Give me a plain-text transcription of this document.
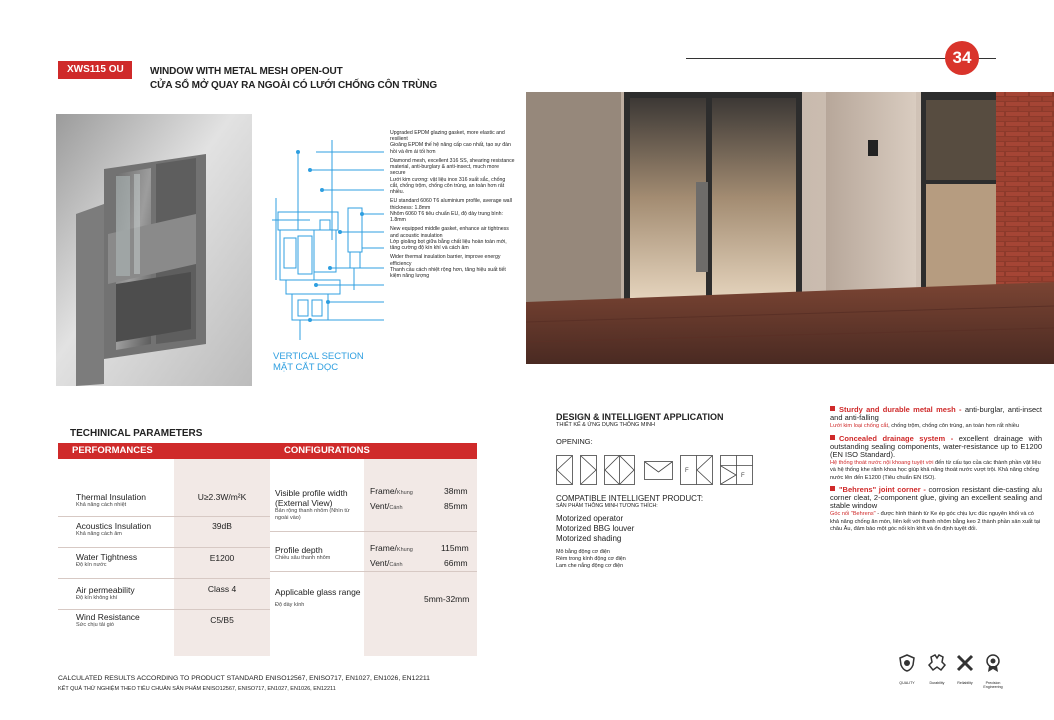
XWS115 OU	WINDOW WITH METAL MESH OPEN-OUT
CỬA SỔ MỞ QUAY RA NGOÀI CÓ LƯỚI CHỐNG CÔN TRÙNG
34
VERTICAL SECTION
MẶT CẮT DỌC
Upgraded EPDM glazing gasket, more elastic and resilient
Gioăng EPDM thế hệ nâng cấp cao nhất, tạo sự đàn hồi và êm ái tối hơn
Diamond mesh, excellent 316 SS, shearing resistance material, anti-burglary & anti-insect, much more secure
Lưới kim cương: vật liệu inox 316 xuất sắc, chống cắt, chống trộm, chống côn trùng, an toàn hơn rất nhiều.
EU standard 6060 T6 aluminium profile, average wall thickness: 1.8mm
Nhôm 6060 T6 tiêu chuẩn EU, độ dày trung bình: 1.8mm
New equipped middle gasket, enhance air tightness and acoustic insulation
Lớp gioăng bọt giữa bằng chất liệu hoàn toàn mới, tăng cường độ kín khí và cách âm
Wider thermal insulation barrier, improve energy efficiency
Thanh cầu cách nhiệt rộng hơn, tăng hiệu suất tiết kiệm năng lượng
TECHINICAL PARAMETERS
PERFORMANCES	CONFIGURATIONS
Thermal Insulation
Khả năng cách nhiệt
U≥2.3W/m²K
Acoustics Insulation
Khả năng cách âm
39dB
Water Tightness
Độ kín nước
E1200
Air permeability
Độ kín không khí
Class 4
Wind Resistance
Sức chịu tải gió	C5/B5
Visible profile width (External View)
Bản rộng thanh nhôm (Nhìn từ ngoài vào)
Frame/Khung	38mm
Vent/Cánh	85mm
Profile depth
Chiều sâu thanh nhôm
Frame/Khung	115mm
Vent/Cánh	66mm
Applicable glass range
Độ dày kính
5mm-32mm
CALCULATED RESULTS ACCORDING TO PRODUCT STANDARD ENISO12567, ENISO717, EN1027, EN1026, EN12211
KẾT QUẢ THỬ NGHIỆM THEO TIÊU CHUẨN SẢN PHẨM ENISO12567, ENISO717, EN1027, EN1026, EN12211
DESIGN & INTELLIGENT APPLICATION
THIẾT KẾ & ỨNG DỤNG THÔNG MINH
OPENING:
F
F
COMPATIBLE INTELLIGENT PRODUCT:
SẢN PHẨM THÔNG MINH TƯƠNG THÍCH:
Motorized operator
Motorized BBG louver
Motorized shading
Mô bằng động cơ điện
Rèm trong kính động cơ điện
Lam che nắng động cơ điện
Sturdy and durable metal mesh - anti-burglar, anti-insect and anti-falling
Lưới kim loại chống cắt, chống trộm, chống côn trùng, an toàn hơn rất nhiều
Concealed drainage system - excellent drainage with outstanding sealing components, water-resistance up to E1200 (EN ISO Standard).
Hệ thống thoát nước nội khoang tuyệt vời đến từ cấu tạo của các thành phần vật liệu và hệ thống khe rãnh khoa học giúp khả năng thoát nước vượt trội. Khả năng chống nước lên đến E1200 (Tiêu chuẩn EN ISO).
"Behrens" joint corner - corrosion resistant die-casting alu corner cleat, 2-component glue, giving an excellent sealing and stable window
Góc nối "Behrens" - được hình thành từ Ke ép góc chịu lực đúc nguyên khối và có khả năng chống ăn mòn, liên kết với thanh nhôm bằng keo 2 thành phần sản xuất tại châu Âu, đảm bảo một góc nối kín khít và ổn định tuyệt đối.
QUALITY	Durability	Reliability	Precision Engineering
